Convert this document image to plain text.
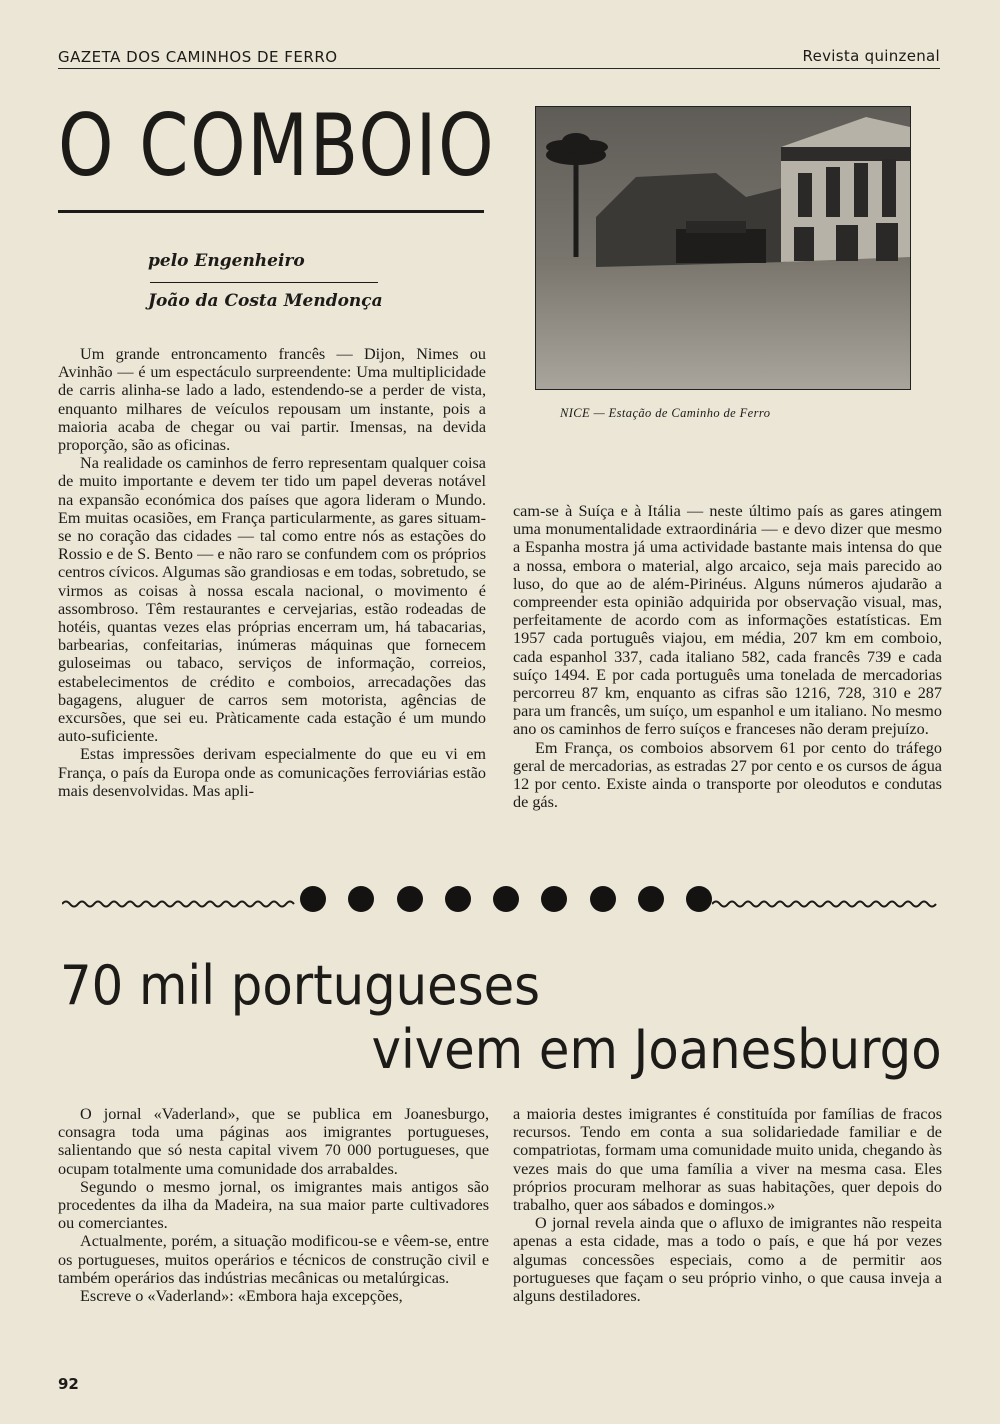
GAZETA DOS CAMINHOS DE FERRO	Revista quinzenal
O COMBOIO
pelo Engenheiro
João da Costa Mendonça
NICE — Estação de Caminho de Ferro

Um grande entroncamento francês — Dijon, Nimes ou Avinhão — é um espectáculo surpreendente: Uma multiplicidade de carris alinha-se lado a lado, estendendo-se a perder de vista, enquanto milhares de veículos repousam um instante, pois a maioria acaba de chegar ou vai partir. Imensas, na devida proporção, são as oficinas.

Na realidade os caminhos de ferro representam qualquer coisa de muito importante e devem ter tido um papel deveras notável na expansão económica dos países que agora lideram o Mundo. Em muitas ocasiões, em França particularmente, as gares situam-se no coração das cidades — tal como entre nós as estações do Rossio e de S. Bento — e não raro se confundem com os próprios centros cívicos. Algumas são grandiosas e em todas, sobretudo, se virmos as coisas à nossa escala nacional, o movimento é assombroso. Têm restaurantes e cervejarias, estão rodeadas de hotéis, quantas vezes elas próprias encerram um, há tabacarias, barbearias, confeitarias, inúmeras máquinas que fornecem guloseimas ou tabaco, serviços de informação, correios, estabelecimentos de crédito e comboios, arrecadações das bagagens, aluguer de carros sem motorista, agências de excursões, que sei eu. Pràticamente cada estação é um mundo auto-suficiente.

Estas impressões derivam especialmente do que eu vi em França, o país da Europa onde as comunicações ferroviárias estão mais desenvolvidas. Mas apli-

cam-se à Suíça e à Itália — neste último país as gares atingem uma monumentalidade extraordinária — e devo dizer que mesmo a Espanha mostra já uma actividade bastante mais intensa do que a nossa, embora o material, algo arcaico, seja mais parecido ao luso, do que ao de além-Pirinéus. Alguns números ajudarão a compreender esta opinião adquirida por observação visual, mas, perfeitamente de acordo com as informações estatísticas. Em 1957 cada português viajou, em média, 207 km em comboio, cada espanhol 337, cada italiano 582, cada francês 739 e cada suíço 1494. E por cada português uma tonelada de mercadorias percorreu 87 km, enquanto as cifras são 1216, 728, 310 e 287 para um francês, um suíço, um espanhol e um italiano. No mesmo ano os caminhos de ferro suíços e franceses não deram prejuízo.

Em França, os comboios absorvem 61 por cento do tráfego geral de mercadorias, as estradas 27 por cento e os cursos de água 12 por cento. Existe ainda o transporte por oleodutos e condutas de gás.

70 mil portugueses
vivem em Joanesburgo

O jornal «Vaderland», que se publica em Joanesburgo, consagra toda uma páginas aos imigrantes portugueses, salientando que só nesta capital vivem 70 000 portugueses, que ocupam totalmente uma comunidade dos arrabaldes.

Segundo o mesmo jornal, os imigrantes mais antigos são procedentes da ilha da Madeira, na sua maior parte cultivadores ou comerciantes.

Actualmente, porém, a situação modificou-se e vêem-se, entre os portugueses, muitos operários e técnicos de construção civil e também operários das indústrias mecânicas ou metalúrgicas.

Escreve o «Vaderland»: «Embora haja excepções,

a maioria destes imigrantes é constituída por famílias de fracos recursos. Tendo em conta a sua solidariedade familiar e de compatriotas, formam uma comunidade muito unida, chegando às vezes mais do que uma família a viver na mesma casa. Eles próprios procuram melhorar as suas habitações, quer depois do trabalho, quer aos sábados e domingos.»

O jornal revela ainda que o afluxo de imigrantes não respeita apenas a esta cidade, mas a todo o país, e que há por vezes algumas concessões especiais, como a de permitir aos portugueses que façam o seu próprio vinho, o que causa inveja a alguns destiladores.

92
